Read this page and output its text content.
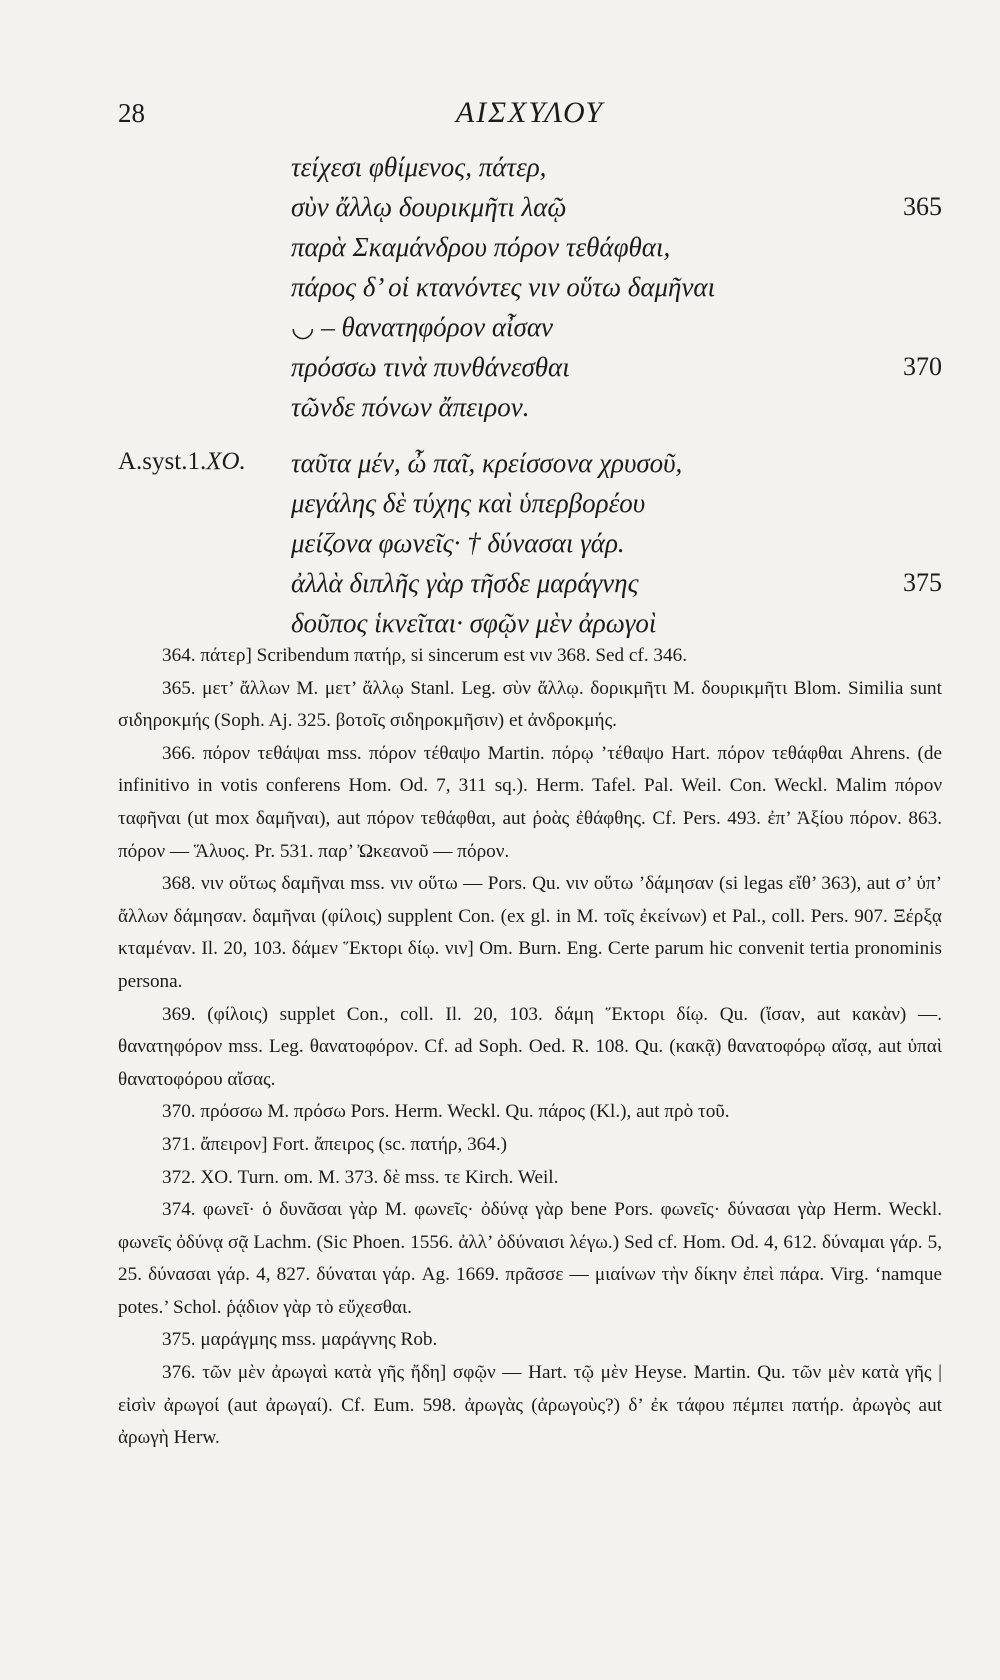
28	ΑΙΣΧΥΛΟΥ
τείχεσι φθίμενος, πάτερ,
σὺν ἄλλῳ δουρικμῆτι λαῷ	365
παρὰ Σκαμάνδρου πόρον τεθάφθαι,
πάρος δ’ οἱ κτανόντες νιν οὕτω δαμῆναι
◡ – θανατηφόρον αἶσαν
πρόσσω τινὰ πυνθάνεσθαι	370
τῶνδε πόνων ἄπειρον.
A.syst.1.ΧΟ. ταῦτα μέν, ὦ παῖ, κρείσσονα χρυσοῦ,
μεγάλης δὲ τύχης καὶ ὑπερβορέου
μείζονα φωνεῖς· † δύνασαι γάρ.
ἀλλὰ διπλῆς γὰρ τῆσδε μαράγνης	375
δοῦπος ἱκνεῖται· σφῷν μὲν ἀρωγοὶ
364. πάτερ] Scribendum πατήρ, si sincerum est νιν 368. Sed cf. 346.
365. μετ’ ἄλλων M. μετ’ ἄλλῳ Stanl. Leg. σὺν ἄλλῳ. δορικμῆτι M. δουρικμῆτι Blom. Similia sunt σιδηροκμής (Soph. Aj. 325. βοτοῖς σιδηροκμῆσιν) et ἀνδροκμής.
366. πόρον τεθάψαι mss. πόρον τέθαψο Martin. πόρῳ ’τέθαψο Hart. πόρον τεθάφθαι Ahrens. (de infinitivo in votis conferens Hom. Od. 7, 311 sq.). Herm. Tafel. Pal. Weil. Con. Weckl. Malim πόρον ταφῆναι (ut mox δαμῆναι), aut πόρον τεθάφθαι, aut ῥοὰς ἐθάφθης. Cf. Pers. 493. ἐπ’ Ἀξίου πόρον. 863. πόρον — Ἅλυος. Pr. 531. παρ’ Ὠκεανοῦ — πόρον.
368. νιν οὕτως δαμῆναι mss. νιν οὕτω — Pors. Qu. νιν οὕτω ’δάμησαν (si legas εἴθ’ 363), aut σ’ ὑπ’ ἄλλων δάμησαν. δαμῆναι (φίλοις) supplent Con. (ex gl. in M. τοῖς ἐκείνων) et Pal., coll. Pers. 907. Ξέρξᾳ κταμέναν. Il. 20, 103. δάμεν Ἕκτορι δίῳ. νιν] Om. Burn. Eng. Certe parum hic convenit tertia pronominis persona.
369. (φίλοις) supplet Con., coll. Il. 20, 103. δάμη Ἕκτορι δίῳ. Qu. (ἴσαν, aut κακὰν) —. θανατηφόρον mss. Leg. θανατοφόρον. Cf. ad Soph. Oed. R. 108. Qu. (κακᾷ) θανατοφόρῳ αἴσᾳ, aut ὑπαὶ θανατοφόρου αἴσας.
370. πρόσσω M. πρόσω Pors. Herm. Weckl. Qu. πάρος (Kl.), aut πρὸ τοῦ.
371. ἄπειρον] Fort. ἄπειρος (sc. πατήρ, 364.)
372. ΧΟ. Turn. om. M. 373. δὲ mss. τε Kirch. Weil.
374. φωνεῖ· ὁ δυνᾶσαι γὰρ M. φωνεῖς· ὀδύνᾳ γὰρ bene Pors. φωνεῖς· δύνασαι γὰρ Herm. Weckl. φωνεῖς ὀδύνᾳ σᾷ Lachm. (Sic Phoen. 1556. ἀλλ’ ὀδύναισι λέγω.) Sed cf. Hom. Od. 4, 612. δύναμαι γάρ. 5, 25. δύνασαι γάρ. 4, 827. δύναται γάρ. Ag. 1669. πρᾶσσε — μιαίνων τὴν δίκην ἐπεὶ πάρα. Virg. ‘namque potes.’ Schol. ῥᾴδιον γὰρ τὸ εὔχεσθαι.
375. μαράγμης mss. μαράγνης Rob.
376. τῶν μὲν ἀρωγαὶ κατὰ γῆς ἤδη] σφῷν — Hart. τῷ μὲν Heyse. Martin. Qu. τῶν μὲν κατὰ γῆς | εἰσὶν ἀρωγοί (aut ἀρωγαί). Cf. Eum. 598. ἀρωγὰς (ἀρωγοὺς?) δ’ ἐκ τάφου πέμπει πατήρ. ἀρωγὸς aut ἀρωγὴ Herw.
